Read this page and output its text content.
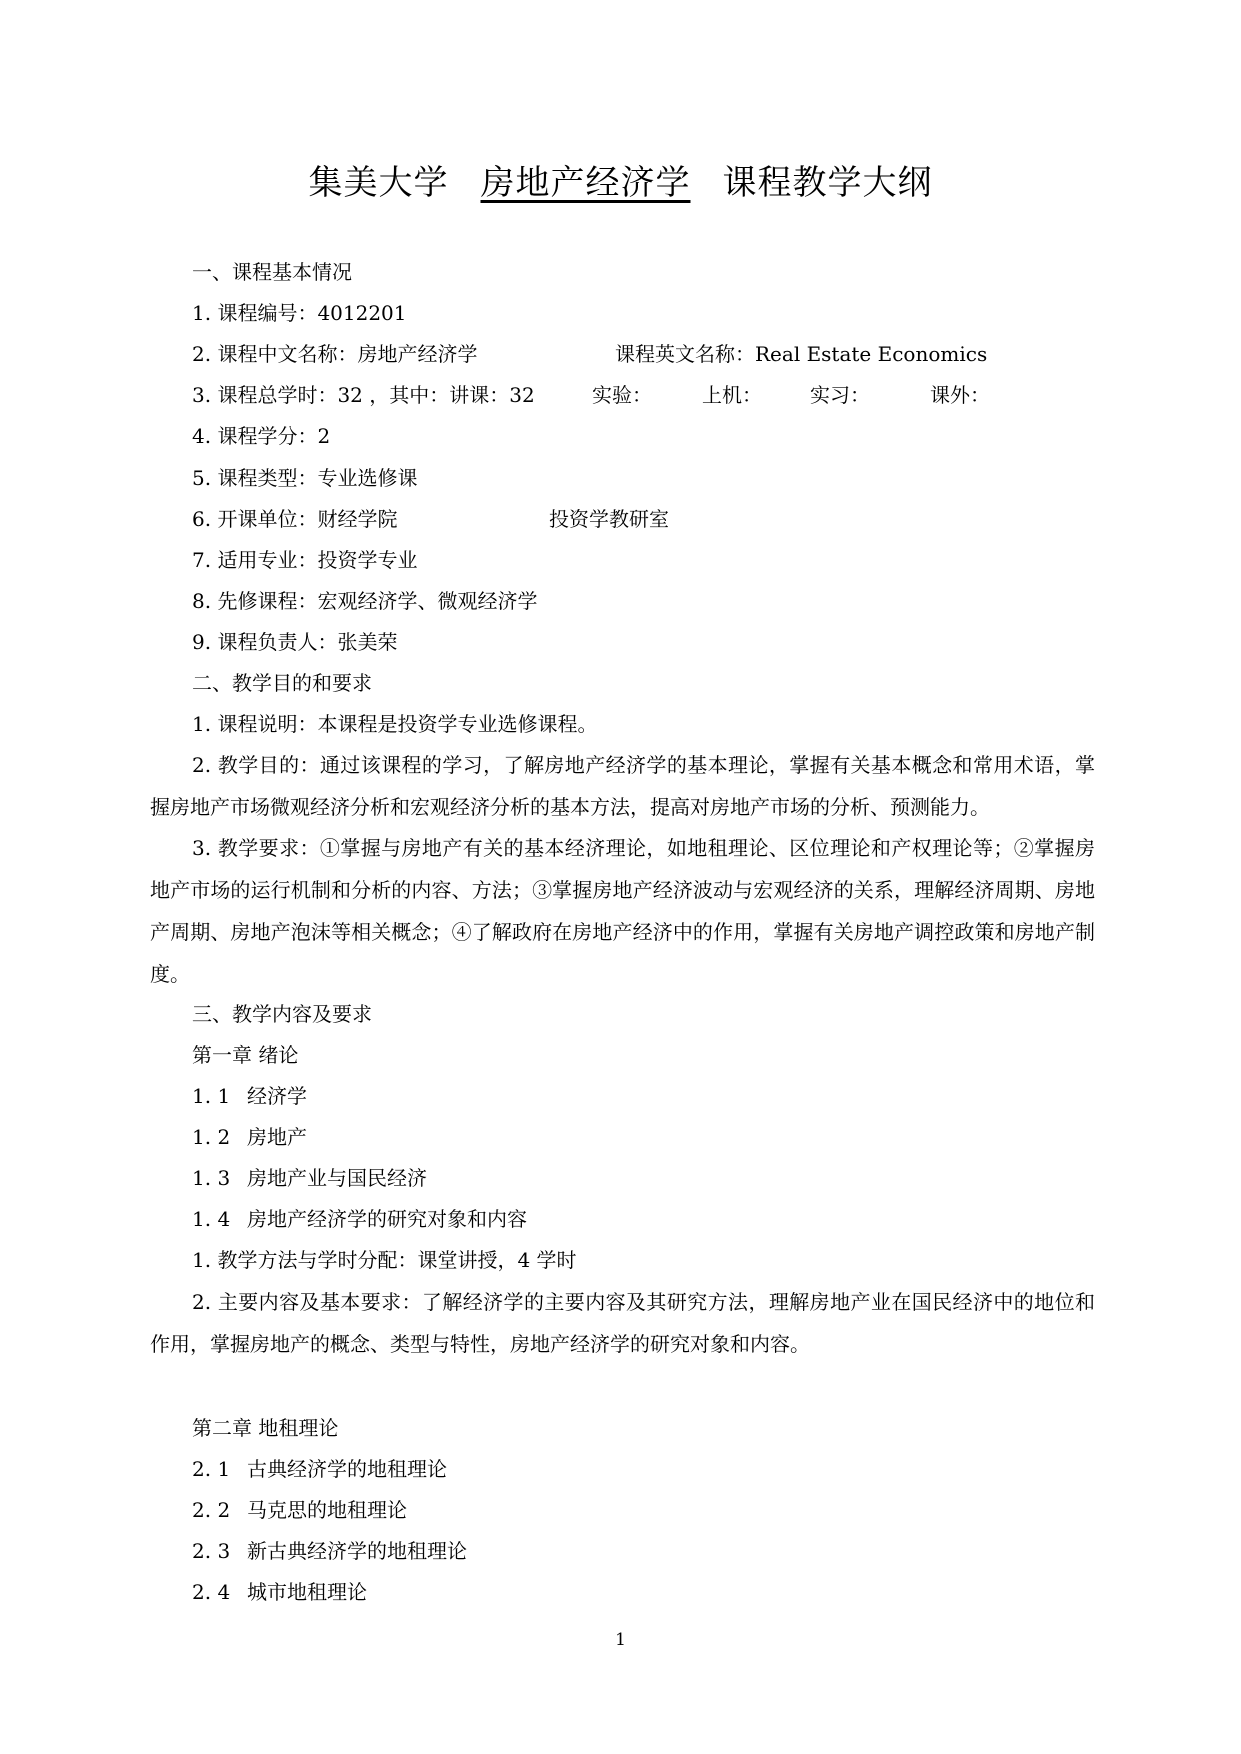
集美大学 房地产经济学 课程教学大纲
一、课程基本情况
1. 课程编号：4012201
2. 课程中文名称：房地产经济学	课程英文名称：Real Estate Economics
3. 课程总学时：32 ，其中：讲课：32	实验：	上机： 实习：	课外：
4. 课程学分：2
5. 课程类型：专业选修课
6. 开课单位：财经学院	投资学教研室
7. 适用专业：投资学专业
8. 先修课程：宏观经济学、微观经济学
9. 课程负责人：张美荣
二、教学目的和要求
1. 课程说明：本课程是投资学专业选修课程。
2. 教学目的：通过该课程的学习，了解房地产经济学的基本理论，掌握有关基本概念和常用术语，掌握房地产市场微观经济分析和宏观经济分析的基本方法，提高对房地产市场的分析、预测能力。
3. 教学要求：①掌握与房地产有关的基本经济理论，如地租理论、区位理论和产权理论等；②掌握房地产市场的运行机制和分析的内容、方法；③掌握房地产经济波动与宏观经济的关系，理解经济周期、房地产周期、房地产泡沫等相关概念；④了解政府在房地产经济中的作用，掌握有关房地产调控政策和房地产制度。
三、教学内容及要求
第一章 绪论
1. 1 经济学
1. 2 房地产
1. 3 房地产业与国民经济
1. 4 房地产经济学的研究对象和内容
1. 教学方法与学时分配：课堂讲授，4 学时
2. 主要内容及基本要求：了解经济学的主要内容及其研究方法，理解房地产业在国民经济中的地位和作用，掌握房地产的概念、类型与特性，房地产经济学的研究对象和内容。
第二章 地租理论
2. 1 古典经济学的地租理论
2. 2 马克思的地租理论
2. 3 新古典经济学的地租理论
2. 4 城市地租理论
1
